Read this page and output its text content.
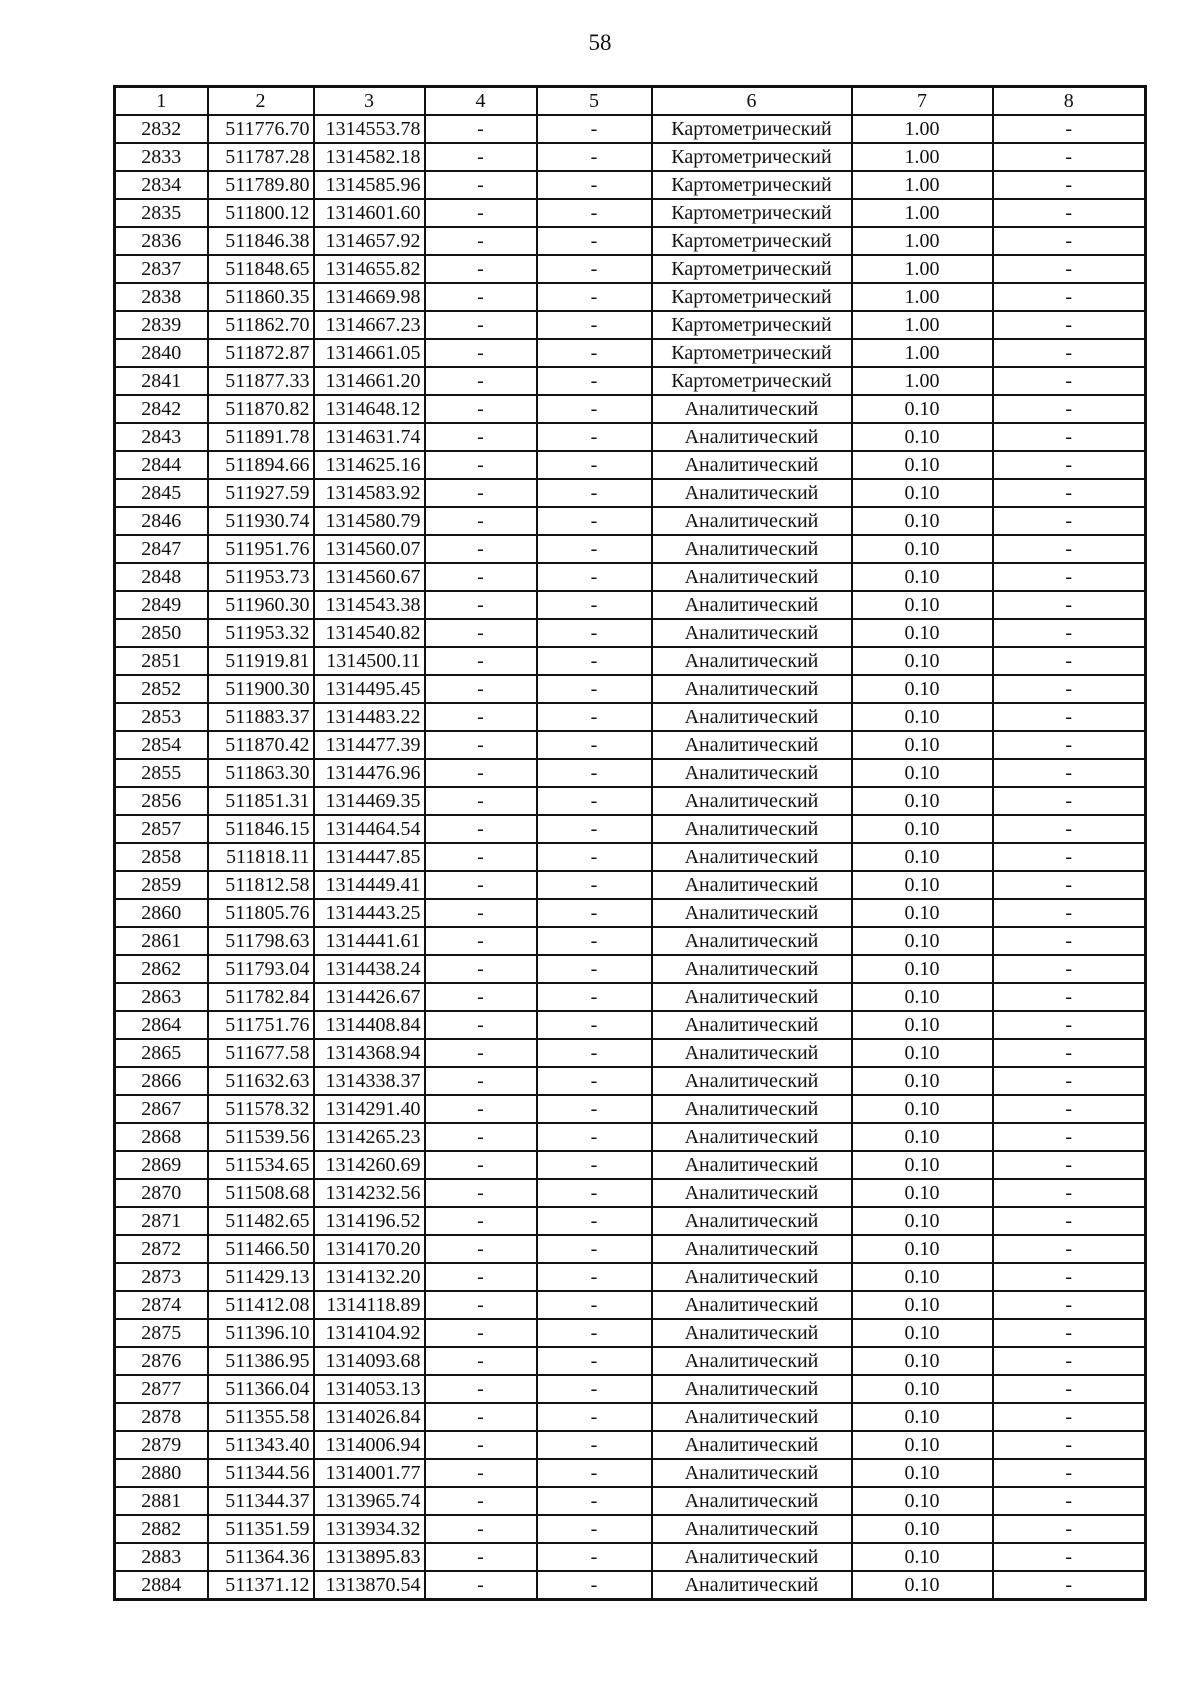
58
1	2	3	4	5	6	7	8
2832	511776.70	1314553.78	-	-	Картометрический	1.00	-
2833	511787.28	1314582.18	-	-	Картометрический	1.00	-
2834	511789.80	1314585.96	-	-	Картометрический	1.00	-
2835	511800.12	1314601.60	-	-	Картометрический	1.00	-
2836	511846.38	1314657.92	-	-	Картометрический	1.00	-
2837	511848.65	1314655.82	-	-	Картометрический	1.00	-
2838	511860.35	1314669.98	-	-	Картометрический	1.00	-
2839	511862.70	1314667.23	-	-	Картометрический	1.00	-
2840	511872.87	1314661.05	-	-	Картометрический	1.00	-
2841	511877.33	1314661.20	-	-	Картометрический	1.00	-
2842	511870.82	1314648.12	-	-	Аналитический	0.10	-
2843	511891.78	1314631.74	-	-	Аналитический	0.10	-
2844	511894.66	1314625.16	-	-	Аналитический	0.10	-
2845	511927.59	1314583.92	-	-	Аналитический	0.10	-
2846	511930.74	1314580.79	-	-	Аналитический	0.10	-
2847	511951.76	1314560.07	-	-	Аналитический	0.10	-
2848	511953.73	1314560.67	-	-	Аналитический	0.10	-
2849	511960.30	1314543.38	-	-	Аналитический	0.10	-
2850	511953.32	1314540.82	-	-	Аналитический	0.10	-
2851	511919.81	1314500.11	-	-	Аналитический	0.10	-
2852	511900.30	1314495.45	-	-	Аналитический	0.10	-
2853	511883.37	1314483.22	-	-	Аналитический	0.10	-
2854	511870.42	1314477.39	-	-	Аналитический	0.10	-
2855	511863.30	1314476.96	-	-	Аналитический	0.10	-
2856	511851.31	1314469.35	-	-	Аналитический	0.10	-
2857	511846.15	1314464.54	-	-	Аналитический	0.10	-
2858	511818.11	1314447.85	-	-	Аналитический	0.10	-
2859	511812.58	1314449.41	-	-	Аналитический	0.10	-
2860	511805.76	1314443.25	-	-	Аналитический	0.10	-
2861	511798.63	1314441.61	-	-	Аналитический	0.10	-
2862	511793.04	1314438.24	-	-	Аналитический	0.10	-
2863	511782.84	1314426.67	-	-	Аналитический	0.10	-
2864	511751.76	1314408.84	-	-	Аналитический	0.10	-
2865	511677.58	1314368.94	-	-	Аналитический	0.10	-
2866	511632.63	1314338.37	-	-	Аналитический	0.10	-
2867	511578.32	1314291.40	-	-	Аналитический	0.10	-
2868	511539.56	1314265.23	-	-	Аналитический	0.10	-
2869	511534.65	1314260.69	-	-	Аналитический	0.10	-
2870	511508.68	1314232.56	-	-	Аналитический	0.10	-
2871	511482.65	1314196.52	-	-	Аналитический	0.10	-
2872	511466.50	1314170.20	-	-	Аналитический	0.10	-
2873	511429.13	1314132.20	-	-	Аналитический	0.10	-
2874	511412.08	1314118.89	-	-	Аналитический	0.10	-
2875	511396.10	1314104.92	-	-	Аналитический	0.10	-
2876	511386.95	1314093.68	-	-	Аналитический	0.10	-
2877	511366.04	1314053.13	-	-	Аналитический	0.10	-
2878	511355.58	1314026.84	-	-	Аналитический	0.10	-
2879	511343.40	1314006.94	-	-	Аналитический	0.10	-
2880	511344.56	1314001.77	-	-	Аналитический	0.10	-
2881	511344.37	1313965.74	-	-	Аналитический	0.10	-
2882	511351.59	1313934.32	-	-	Аналитический	0.10	-
2883	511364.36	1313895.83	-	-	Аналитический	0.10	-
2884	511371.12	1313870.54	-	-	Аналитический	0.10	-
